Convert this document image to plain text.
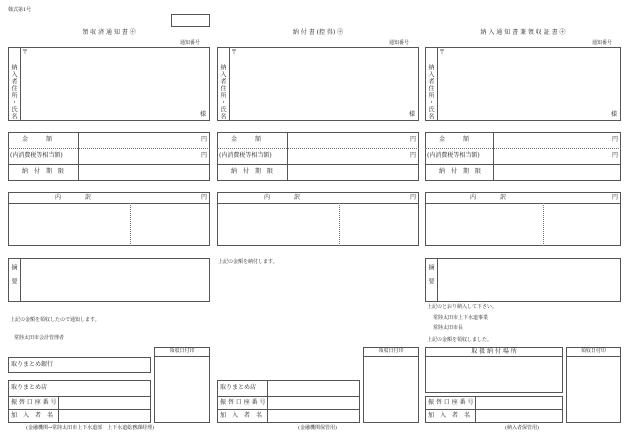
様式第1号
領 収 済 通 知 書 ㊉
通知番号
〒
納入者住所・氏名	様
金　　　額	円
(内消費税等相当額)	円
納　付　期　限
内　　　　訳	円
摘　要
上記の金額を領収したので通知します。
常陸太田市会計管理者
領収日付印
取りまとめ銀行
取りまとめ店
振 替 口 座 番 号
加　入　者　名
(金融機関→常陸太田市上下水道部　上下水道総務課経理)
納 付 書 (控 得) ㊉
通知番号
〒
納入者住所・氏名	様
金　　　額	円
(内消費税等相当額)	円
納　付　期　限
内　　　　訳	円
上記の金額を納付します。
領収日付印
取りまとめ店
振 替 口 座 番 号
加　入　者　名
(金融機関保管用)
納 入 通 知 書 兼 領 収 証 書 ㊉
通知番号
〒
納入者住所・氏名	様
金　　　額	円
(内消費税等相当額)	円
納　付　期　限
内　　　　訳	円
摘　要
上記のとおり納入して下さい。
常陸太田市上下水道事業
常陸太田市長
上記の金額を領収しました。
取 扱 納 付 場 所	領収日付印
振 替 口 座 番 号
加　入　者　名
(納入者保管用)
